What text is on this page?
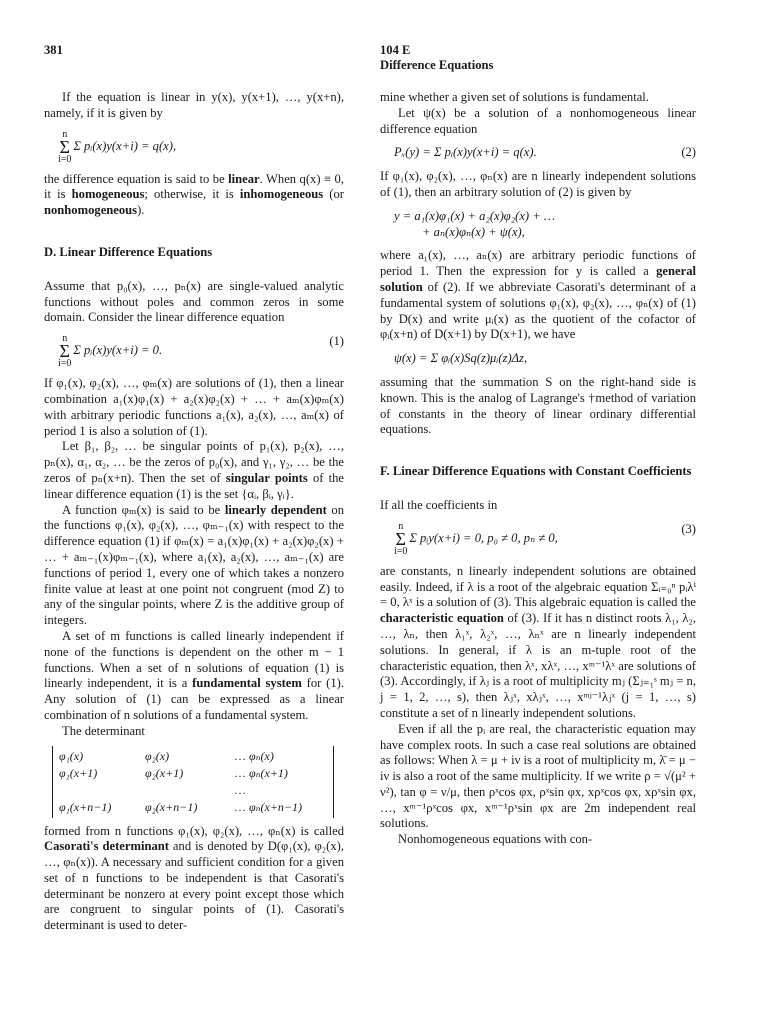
381	104 E
Difference Equations

If the equation is linear in y(x), y(x+1), …, y(x+n), namely, if it is given by

n
Σ
i=0Σ pᵢ(x)y(x+i) = q(x),

the difference equation is said to be linear. When q(x) ≡ 0, it is homogeneous; otherwise, it is inhomogeneous (or nonhomogeneous).

D. Linear Difference Equations

Assume that p₀(x), …, pₙ(x) are single-valued analytic functions without poles and common zeros in some domain. Consider the linear difference equation

n
Σ
i=0Σ pᵢ(x)y(x+i) = 0.
(1)

If φ₁(x), φ₂(x), …, φₘ(x) are solutions of (1), then a linear combination a₁(x)φ₁(x) + a₂(x)φ₂(x) + … + aₘ(x)φₘ(x) with arbitrary periodic functions a₁(x), a₂(x), …, aₘ(x) of period 1 is also a solution of (1).

Let β₁, β₂, … be singular points of p₁(x), p₂(x), …, pₙ(x), α₁, α₂, … be the zeros of p₀(x), and γ₁, γ₂, … be the zeros of pₙ(x+n). Then the set of singular points of the linear difference equation (1) is the set {αᵢ, βᵢ, γᵢ}.

A function φₘ(x) is said to be linearly dependent on the functions φ₁(x), φ₂(x), …, φₘ₋₁(x) with respect to the difference equation (1) if φₘ(x) = a₁(x)φ₁(x) + a₂(x)φ₂(x) + … + aₘ₋₁(x)φₘ₋₁(x), where a₁(x), a₂(x), …, aₘ₋₁(x) are functions of period 1, every one of which takes a nonzero finite value at least at one point not congruent (mod Z) to any of the singular points, where Z is the additive group of integers.

A set of m functions is called linearly independent if none of the functions is dependent on the other m − 1 functions. When a set of n solutions of equation (1) is linearly independent, it is a fundamental system for (1). Any solution of (1) can be expressed as a linear combination of n solutions of a fundamental system.

The determinant

φ₁(x)	φ₂(x)	… φₙ(x)
φ₁(x+1)	φ₂(x+1)	… φₙ(x+1)
…
φ₁(x+n−1)	φ₂(x+n−1)	… φₙ(x+n−1)

formed from n functions φ₁(x), φ₂(x), …, φₙ(x) is called Casorati's determinant and is denoted by D(φ₁(x), φ₂(x), …, φₙ(x)). A necessary and sufficient condition for a given set of n functions to be independent is that Casorati's determinant be nonzero at every point except those which are congruent to singular points of (1). Casorati's determinant is used to deter-

mine whether a given set of solutions is fundamental.

Let ψ(x) be a solution of a nonhomogeneous linear difference equation

Pₓ(y) = Σ pᵢ(x)y(x+i) = q(x).	(2)

If φ₁(x), φ₂(x), …, φₙ(x) are n linearly independent solutions of (1), then an arbitrary solution of (2) is given by

y = a₁(x)φ₁(x) + a₂(x)φ₂(x) + …
+ aₙ(x)φₙ(x) + ψ(x),

where a₁(x), …, aₙ(x) are arbitrary periodic functions of period 1. Then the expression for y is called a general solution of (2). If we abbreviate Casorati's determinant of a fundamental system of solutions φ₁(x), φ₂(x), …, φₙ(x) of (1) by D(x) and write μᵢ(x) as the quotient of the cofactor of φᵢ(x+n) of D(x+1) by D(x+1), we have

ψ(x) = Σ φᵢ(x)Sq(z)μᵢ(z)Δz,

assuming that the summation S on the right-hand side is known. This is the analog of Lagrange's †method of variation of constants in the theory of linear ordinary differential equations.

F. Linear Difference Equations with Constant Coefficients

If all the coefficients in

n
Σ
i=0Σ pᵢy(x+i) = 0, p₀ ≠ 0, pₙ ≠ 0,
(3)

are constants, n linearly independent solutions are obtained easily. Indeed, if λ is a root of the algebraic equation Σᵢ₌₀ⁿ pᵢλⁱ = 0, λˣ is a solution of (3). This algebraic equation is called the characteristic equation of (3). If it has n distinct roots λ₁, λ₂, …, λₙ, then λ₁ˣ, λ₂ˣ, …, λₙˣ are n linearly independent solutions. In general, if λ is an m-tuple root of the characteristic equation, then λˣ, xλˣ, …, xᵐ⁻¹λˣ are solutions of (3). Accordingly, if λⱼ is a root of multiplicity mⱼ (Σⱼ₌₁ˢ mⱼ = n, j = 1, 2, …, s), then λⱼˣ, xλⱼˣ, …, xᵐʲ⁻¹λⱼˣ (j = 1, …, s) constitute a set of n linearly independent solutions.

Even if all the pᵢ are real, the characteristic equation may have complex roots. In such a case real solutions are obtained as follows: When λ = μ + iν is a root of multiplicity m, λ̄ = μ − iν is also a root of the same multiplicity. If we write ρ = √(μ² + ν²), tan φ = ν/μ, then ρˣcos φx, ρˣsin φx, xρˣcos φx, xρˣsin φx, …, xᵐ⁻¹ρˣcos φx, xᵐ⁻¹ρˣsin φx are 2m independent real solutions.

Nonhomogeneous equations with con-
